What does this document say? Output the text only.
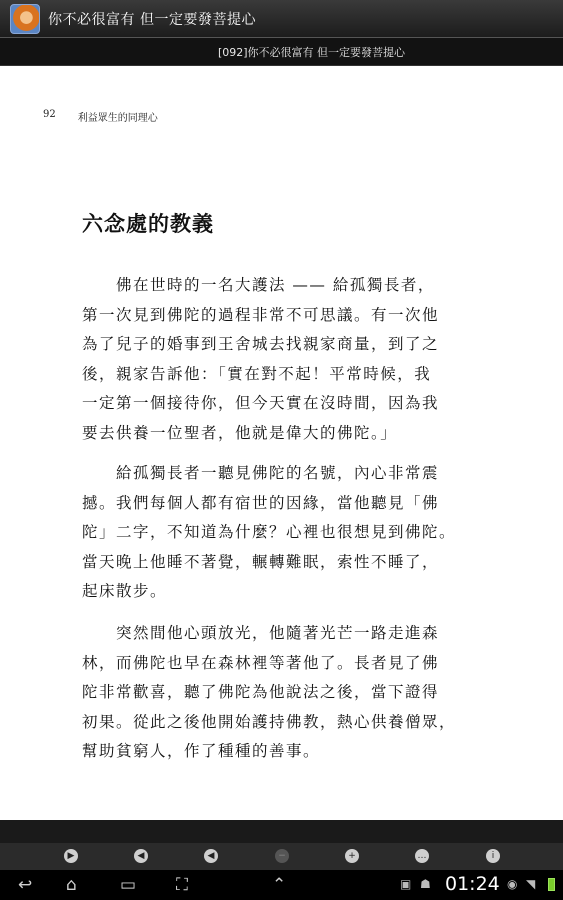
你不必很富有 但一定要發菩提心
[092]你不必很富有 但一定要發菩提心
92 利益眾生的同理心
六念處的教義
佛在世時的一名大護法 —— 給孤獨長者，
第一次見到佛陀的過程非常不可思議。有一次他
為了兒子的婚事到王舍城去找親家商量，到了之
後，親家告訴他：「實在對不起！平常時候，我
一定第一個接待你，但今天實在沒時間，因為我
要去供養一位聖者，他就是偉大的佛陀。」
給孤獨長者一聽見佛陀的名號，內心非常震
撼。我們每個人都有宿世的因緣，當他聽見「佛
陀」二字，不知道為什麼？心裡也很想見到佛陀。
當天晚上他睡不著覺，輾轉難眠，索性不睡了，
起床散步。
突然間他心頭放光，他隨著光芒一路走進森
林，而佛陀也早在森林裡等著他了。長者見了佛
陀非常歡喜，聽了佛陀為他說法之後，當下證得
初果。從此之後他開始護持佛教，熱心供養僧眾，
幫助貧窮人，作了種種的善事。
▶	◀	◀	−	+	…	i
↩ ⌂	▭ ⛶	⌃	▣ ☗ 01:24 ◉ ◥
